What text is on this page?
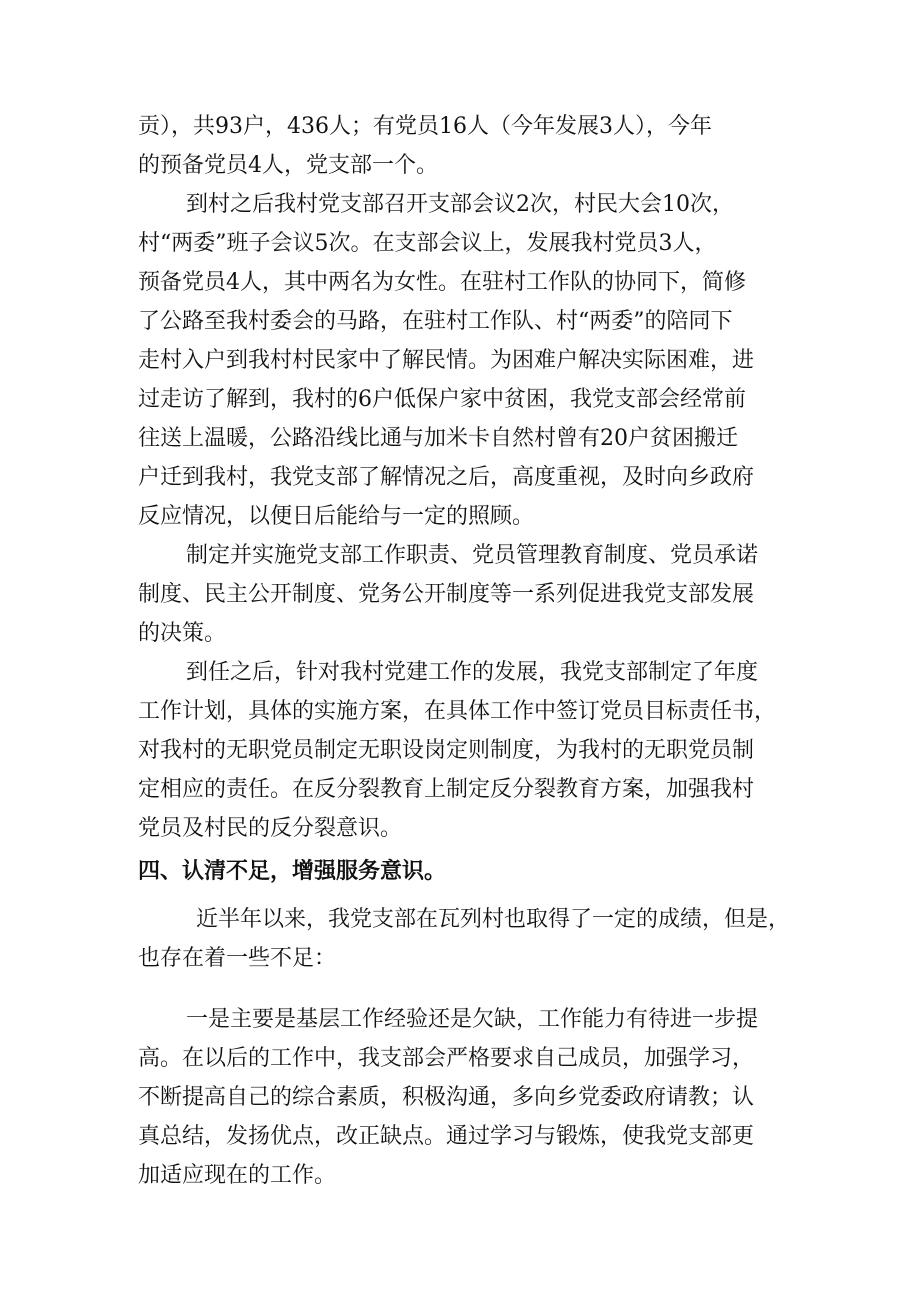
贡），共93户，436人；有党员16人（今年发展3人），今年
的预备党员4人，党支部一个。
到村之后我村党支部召开支部会议2次，村民大会10次，
村“两委”班子会议5次。在支部会议上，发展我村党员3人，
预备党员4人，其中两名为女性。在驻村工作队的协同下，简修
了公路至我村委会的马路，在驻村工作队、村“两委”的陪同下
走村入户到我村村民家中了解民情。为困难户解决实际困难，进
过走访了解到，我村的6户低保户家中贫困，我党支部会经常前
往送上温暖，公路沿线比通与加米卡自然村曾有20户贫困搬迁
户迁到我村，我党支部了解情况之后，高度重视，及时向乡政府
反应情况，以便日后能给与一定的照顾。
制定并实施党支部工作职责、党员管理教育制度、党员承诺
制度、民主公开制度、党务公开制度等一系列促进我党支部发展
的决策。
到任之后，针对我村党建工作的发展，我党支部制定了年度
工作计划，具体的实施方案，在具体工作中签订党员目标责任书，
对我村的无职党员制定无职设岗定则制度，为我村的无职党员制
定相应的责任。在反分裂教育上制定反分裂教育方案，加强我村
党员及村民的反分裂意识。
四、认清不足，增强服务意识。
近半年以来，我党支部在瓦列村也取得了一定的成绩，但是，
也存在着一些不足：
一是主要是基层工作经验还是欠缺，工作能力有待进一步提
高。在以后的工作中，我支部会严格要求自己成员，加强学习，
不断提高自己的综合素质，积极沟通，多向乡党委政府请教；认
真总结，发扬优点，改正缺点。通过学习与锻炼，使我党支部更
加适应现在的工作。
